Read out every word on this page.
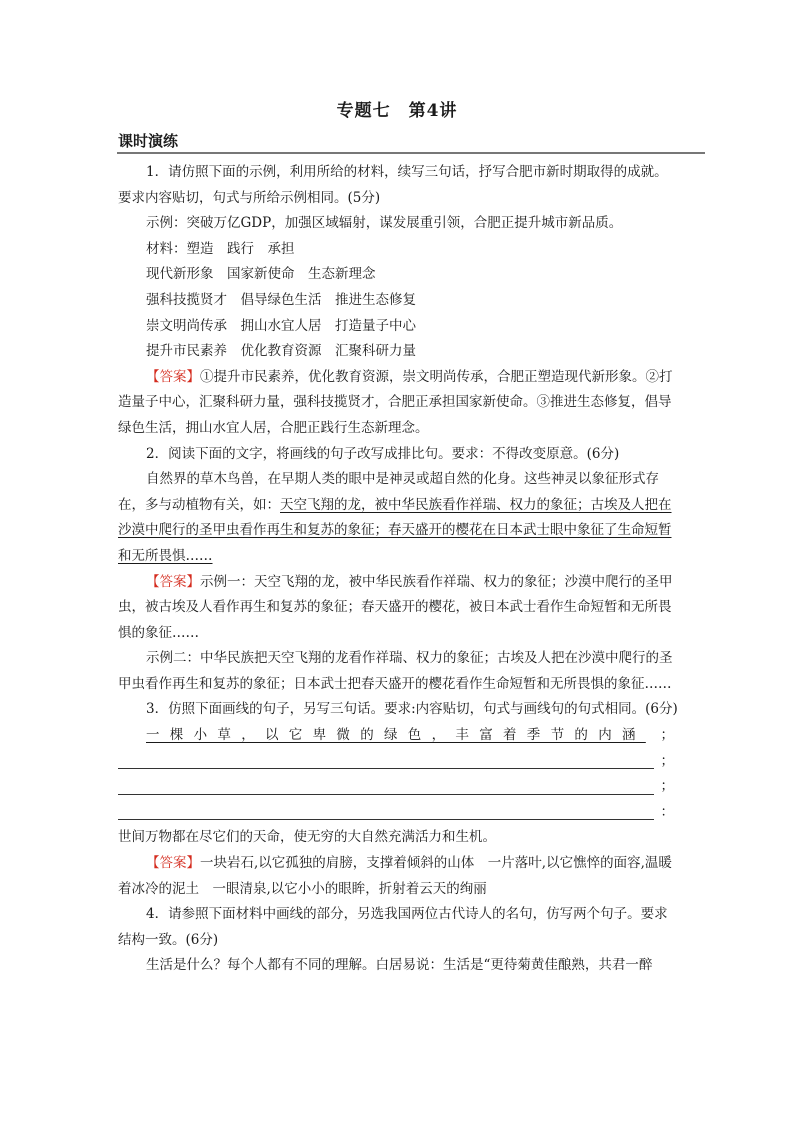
专题七　第4讲
课时演练

1．请仿照下面的示例，利用所给的材料，续写三句话，抒写合肥市新时期取得的成就。要求内容贴切，句式与所给示例相同。(5分)

示例：突破万亿GDP，加强区域辐射，谋发展重引领，合肥正提升城市新品质。

材料：塑造　践行　承担

现代新形象　国家新使命　生态新理念

强科技揽贤才　倡导绿色生活　推进生态修复

崇文明尚传承　拥山水宜人居　打造量子中心

提升市民素养　优化教育资源　汇聚科研力量

【答案】①提升市民素养，优化教育资源，崇文明尚传承，合肥正塑造现代新形象。②打造量子中心，汇聚科研力量，强科技揽贤才，合肥正承担国家新使命。③推进生态修复，倡导绿色生活，拥山水宜人居，合肥正践行生态新理念。

2．阅读下面的文字，将画线的句子改写成排比句。要求：不得改变原意。(6分)

自然界的草木鸟兽，在早期人类的眼中是神灵或超自然的化身。这些神灵以象征形式存在，多与动植物有关，如：天空飞翔的龙，被中华民族看作祥瑞、权力的象征；古埃及人把在沙漠中爬行的圣甲虫看作再生和复苏的象征；春天盛开的樱花在日本武士眼中象征了生命短暂和无所畏惧……

【答案】示例一：天空飞翔的龙，被中华民族看作祥瑞、权力的象征；沙漠中爬行的圣甲虫，被古埃及人看作再生和复苏的象征；春天盛开的樱花，被日本武士看作生命短暂和无所畏惧的象征……

示例二：中华民族把天空飞翔的龙看作祥瑞、权力的象征；古埃及人把在沙漠中爬行的圣甲虫看作再生和复苏的象征；日本武士把春天盛开的樱花看作生命短暂和无所畏惧的象征……

3．仿照下面画线的句子，另写三句话。要求:内容贴切，句式与画线句的句式相同。(6分)

一棵小草，以它卑微的绿色，丰富着季节的内涵 ；
；
；
：

世间万物都在尽它们的天命，使无穷的大自然充满活力和生机。

【答案】一块岩石,以它孤独的肩膀，支撑着倾斜的山体　一片落叶,以它憔悴的面容,温暖着冰冷的泥土　一眼清泉,以它小小的眼眸，折射着云天的绚丽

4．请参照下面材料中画线的部分，另选我国两位古代诗人的名句，仿写两个句子。要求结构一致。(6分)

生活是什么？每个人都有不同的理解。白居易说：生活是“更待菊黄佳酿熟，共君一醉
